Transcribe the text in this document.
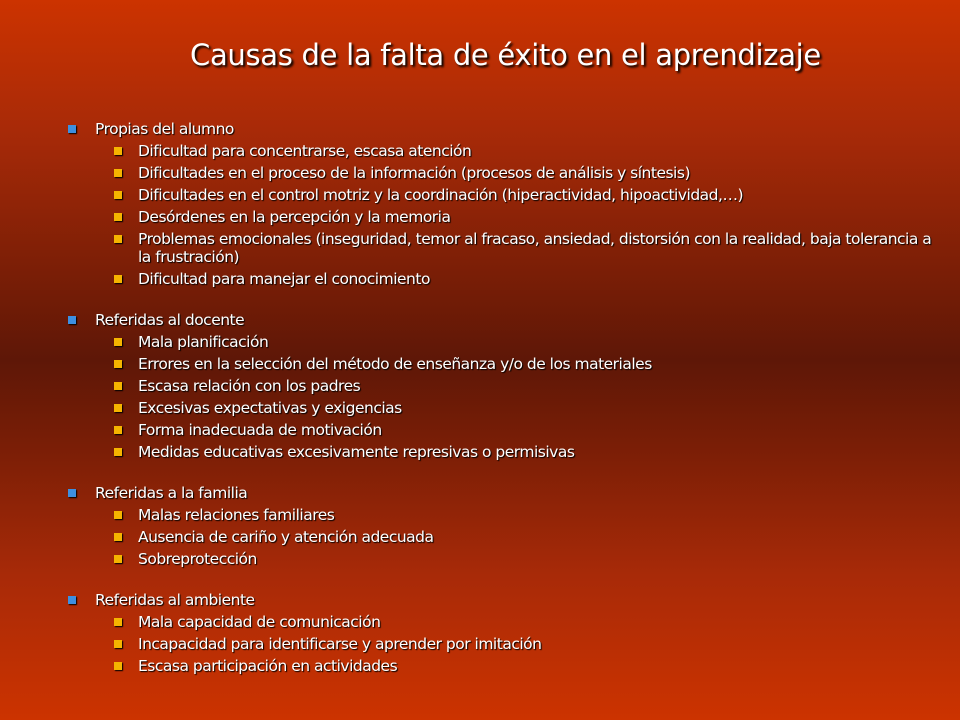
Causas de la falta de éxito en el aprendizaje
Propias del alumno
Dificultad para concentrarse, escasa atención
Dificultades en el proceso de la información (procesos de análisis y síntesis)
Dificultades en el control motriz y la coordinación (hiperactividad, hipoactividad,…)
Desórdenes en la percepción y la memoria
Problemas emocionales (inseguridad, temor al fracaso, ansiedad, distorsión con la realidad, baja tolerancia a la frustración)
Dificultad para manejar el conocimiento
Referidas al docente
Mala planificación
Errores en la selección del método de enseñanza y/o de los materiales
Escasa relación con los padres
Excesivas expectativas y exigencias
Forma inadecuada de motivación
Medidas educativas excesivamente represivas o permisivas
Referidas a la familia
Malas relaciones familiares
Ausencia de cariño y atención adecuada
Sobreprotección
Referidas al ambiente
Mala capacidad de comunicación
Incapacidad para identificarse y aprender por imitación
Escasa participación en actividades
